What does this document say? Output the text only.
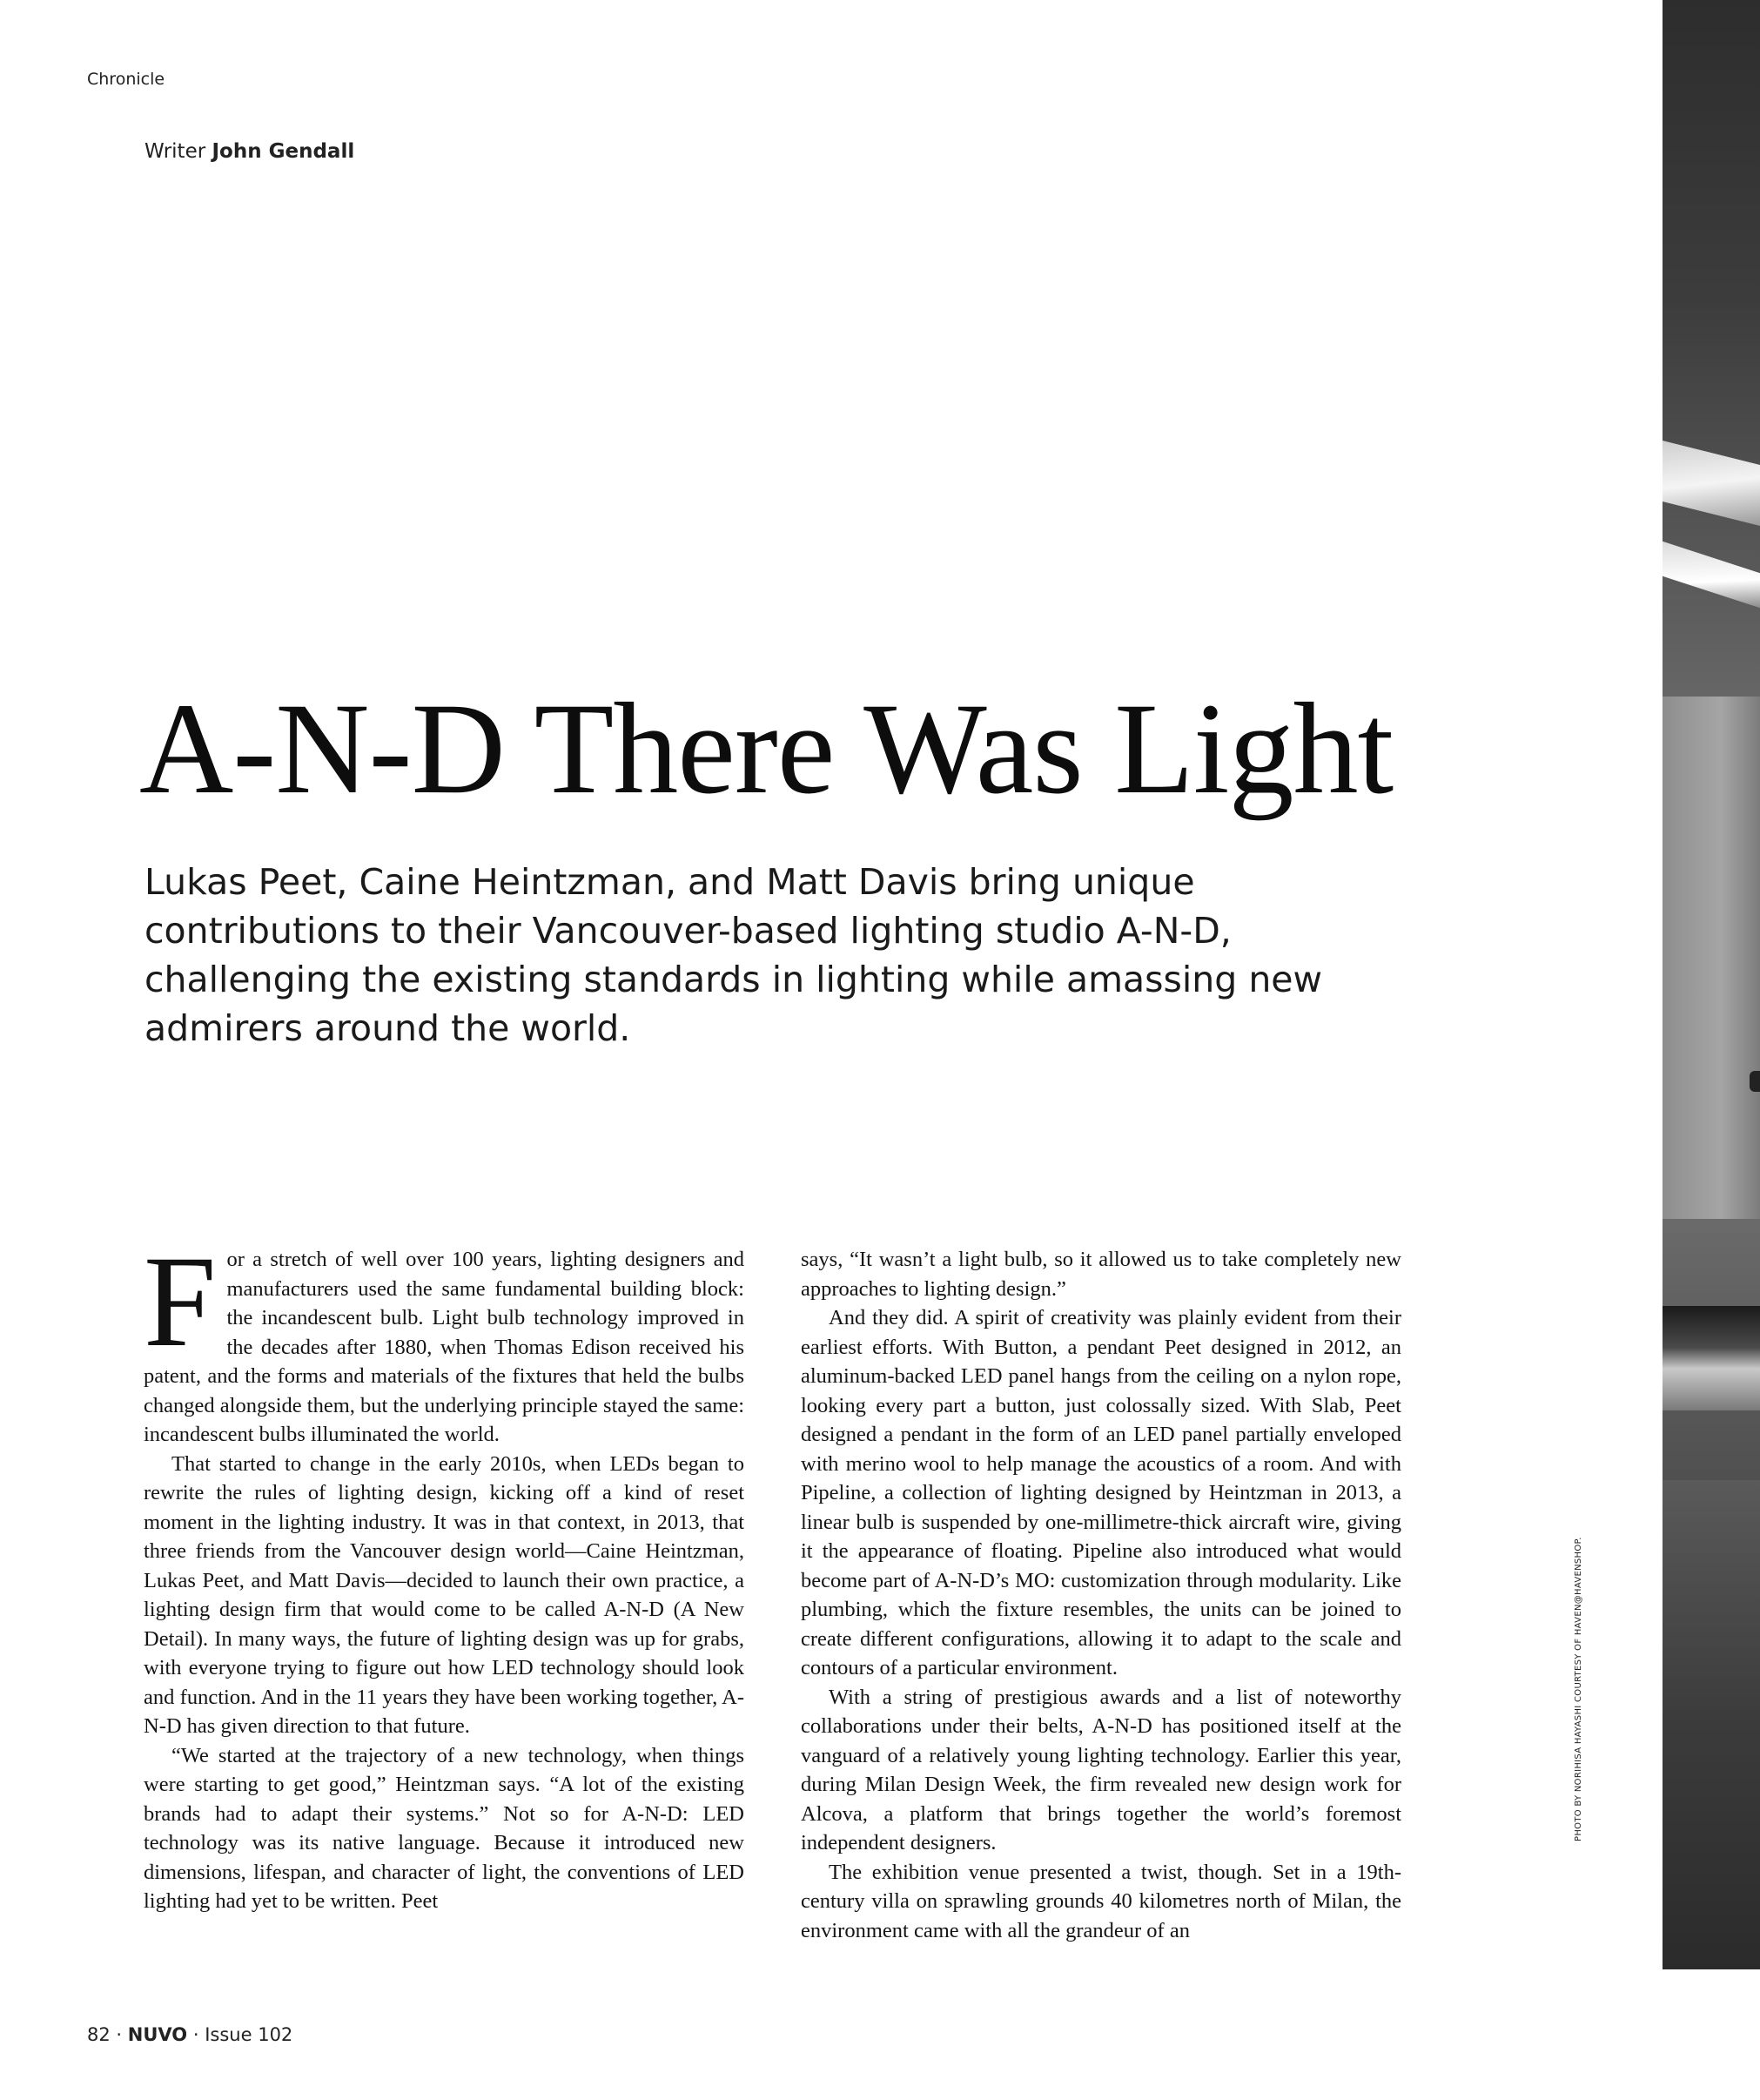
Chronicle
Writer John Gendall
A-N-D There Was Light

Lukas Peet, Caine Heintzman, and Matt Davis bring unique contributions to their Vancouver-based lighting studio A-N-D, challenging the existing standards in lighting while amassing new admirers around the world.

For a stretch of well over 100 years, lighting designers and manufacturers used the same fundamental building block: the incandescent bulb. Light bulb technology improved in the decades after 1880, when Thomas Edison received his patent, and the forms and materials of the fixtures that held the bulbs changed alongside them, but the underlying principle stayed the same: incandescent bulbs illuminated the world.

That started to change in the early 2010s, when LEDs began to rewrite the rules of lighting design, kicking off a kind of reset moment in the lighting industry. It was in that context, in 2013, that three friends from the Vancouver design world—Caine Heintzman, Lukas Peet, and Matt Davis—decided to launch their own practice, a lighting design firm that would come to be called A-N-D (A New Detail). In many ways, the future of lighting design was up for grabs, with everyone trying to figure out how LED technology should look and function. And in the 11 years they have been working together, A-N-D has given direction to that future.

“We started at the trajectory of a new technology, when things were starting to get good,” Heintzman says. “A lot of the existing brands had to adapt their systems.” Not so for A-N-D: LED technology was its native language. Because it introduced new dimensions, lifespan, and character of light, the conventions of LED lighting had yet to be written. Peet

says, “It wasn’t a light bulb, so it allowed us to take completely new approaches to lighting design.”

And they did. A spirit of creativity was plainly evident from their earliest efforts. With Button, a pendant Peet designed in 2012, an aluminum-backed LED panel hangs from the ceiling on a nylon rope, looking every part a button, just colossally sized. With Slab, Peet designed a pendant in the form of an LED panel partially enveloped with merino wool to help manage the acoustics of a room. And with Pipeline, a collection of lighting designed by Heintzman in 2013, a linear bulb is suspended by one-millimetre-thick aircraft wire, giving it the appearance of floating. Pipeline also introduced what would become part of A-N-D’s MO: customization through modularity. Like plumbing, which the fixture resembles, the units can be joined to create different configurations, allowing it to adapt to the scale and contours of a particular environment.

With a string of prestigious awards and a list of noteworthy collaborations under their belts, A-N-D has positioned itself at the vanguard of a relatively young lighting technology. Earlier this year, during Milan Design Week, the firm revealed new design work for Alcova, a platform that brings together the world’s foremost independent designers.

The exhibition venue presented a twist, though. Set in a 19th-century villa on sprawling grounds 40 kilometres north of Milan, the environment came with all the grandeur of an

82 · NUVO · Issue 102
PHOTO BY NORIHISA HAYASHI COURTESY OF HAVEN@HAVENSHOP.
